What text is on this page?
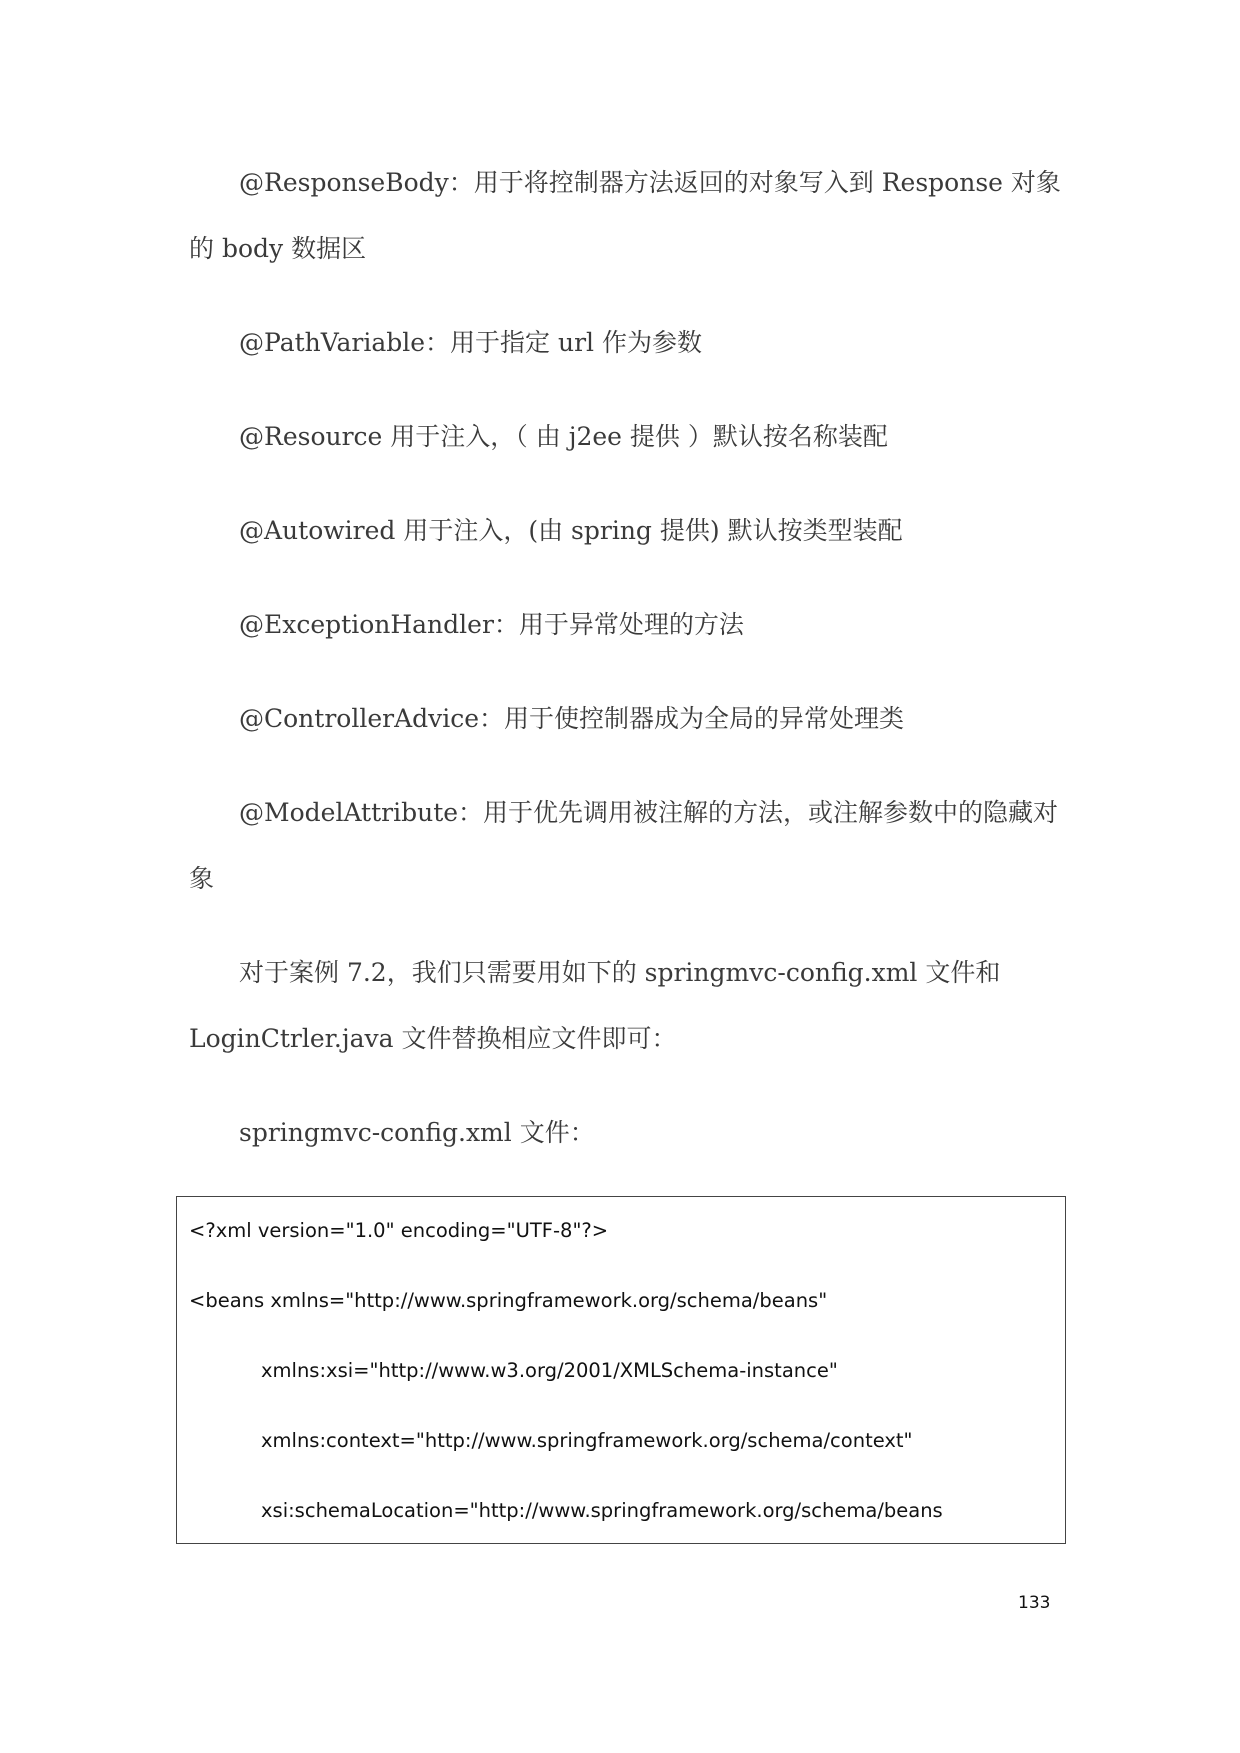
@ResponseBody：用于将控制器方法返回的对象写入到 Response 对象
的 body 数据区
@PathVariable：用于指定 url 作为参数
@Resource 用于注入，（ 由 j2ee 提供 ）默认按名称装配
@Autowired 用于注入，(由 spring 提供) 默认按类型装配
@ExceptionHandler：用于异常处理的方法
@ControllerAdvice：用于使控制器成为全局的异常处理类
@ModelAttribute：用于优先调用被注解的方法，或注解参数中的隐藏对
象
对于案例 7.2，我们只需要用如下的 springmvc-config.xml 文件和
LoginCtrler.java 文件替换相应文件即可：
springmvc-config.xml 文件：
<?xml version="1.0" encoding="UTF-8"?>
<beans xmlns="http://www.springframework.org/schema/beans"
xmlns:xsi="http://www.w3.org/2001/XMLSchema-instance"
xmlns:context="http://www.springframework.org/schema/context"
xsi:schemaLocation="http://www.springframework.org/schema/beans
133
